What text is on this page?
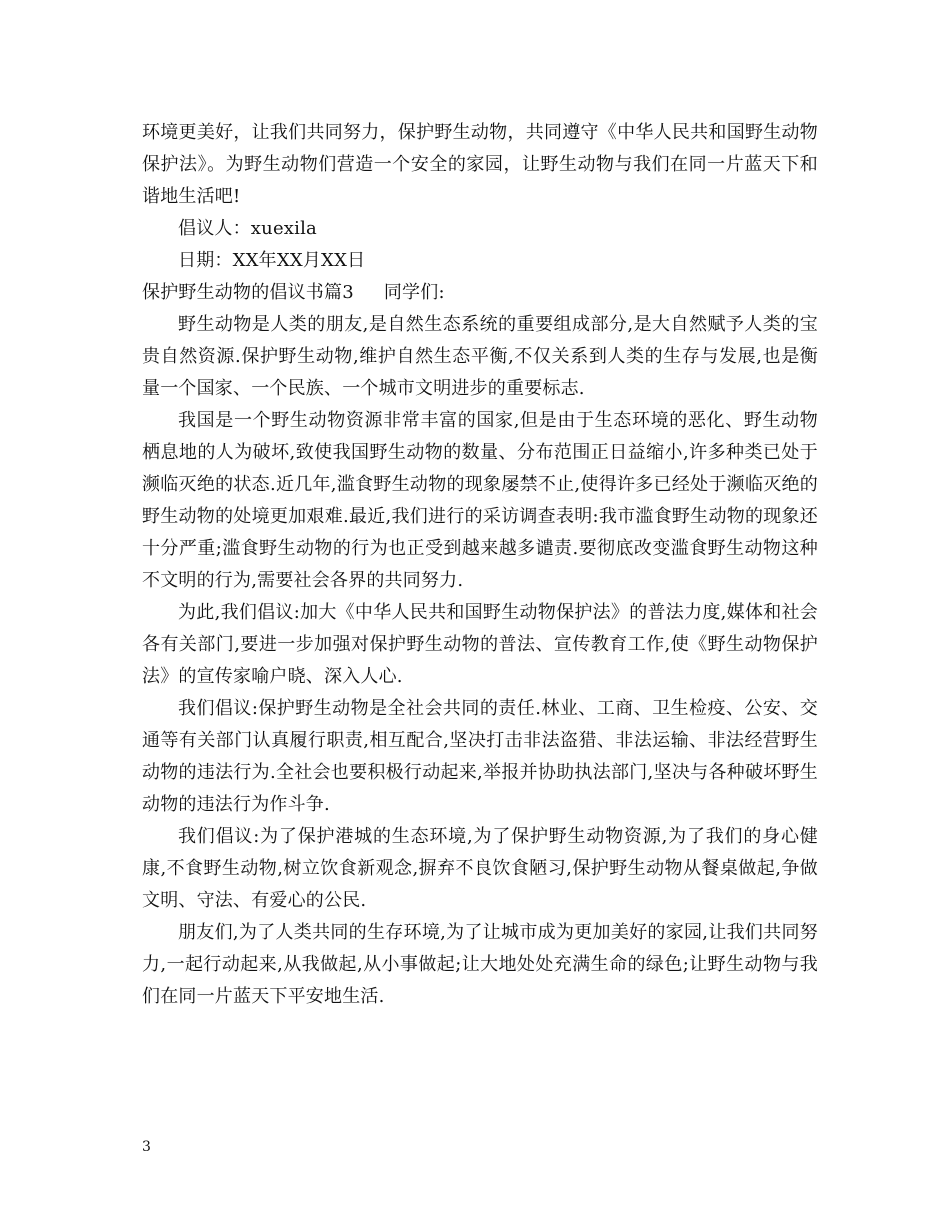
环境更美好，让我们共同努力，保护野生动物，共同遵守《中华人民共和国野生动物保护法》。为野生动物们营造一个安全的家园，让野生动物与我们在同一片蓝天下和谐地生活吧!

倡议人：xuexila

日期：XX年XX月XX日

保护野生动物的倡议书篇3 同学们:

野生动物是人类的朋友,是自然生态系统的重要组成部分,是大自然赋予人类的宝贵自然资源.保护野生动物,维护自然生态平衡,不仅关系到人类的生存与发展,也是衡量一个国家、一个民族、一个城市文明进步的重要标志.

我国是一个野生动物资源非常丰富的国家,但是由于生态环境的恶化、野生动物栖息地的人为破坏,致使我国野生动物的数量、分布范围正日益缩小,许多种类已处于濒临灭绝的状态.近几年,滥食野生动物的现象屡禁不止,使得许多已经处于濒临灭绝的野生动物的处境更加艰难.最近,我们进行的采访调查表明:我市滥食野生动物的现象还十分严重;滥食野生动物的行为也正受到越来越多谴责.要彻底改变滥食野生动物这种不文明的行为,需要社会各界的共同努力.

为此,我们倡议:加大《中华人民共和国野生动物保护法》的普法力度,媒体和社会各有关部门,要进一步加强对保护野生动物的普法、宣传教育工作,使《野生动物保护法》的宣传家喻户晓、深入人心.

我们倡议:保护野生动物是全社会共同的责任.林业、工商、卫生检疫、公安、交通等有关部门认真履行职责,相互配合,坚决打击非法盗猎、非法运输、非法经营野生动物的违法行为.全社会也要积极行动起来,举报并协助执法部门,坚决与各种破坏野生动物的违法行为作斗争.

我们倡议:为了保护港城的生态环境,为了保护野生动物资源,为了我们的身心健康,不食野生动物,树立饮食新观念,摒弃不良饮食陋习,保护野生动物从餐桌做起,争做文明、守法、有爱心的公民.

朋友们,为了人类共同的生存环境,为了让城市成为更加美好的家园,让我们共同努力,一起行动起来,从我做起,从小事做起;让大地处处充满生命的绿色;让野生动物与我们在同一片蓝天下平安地生活.

3
